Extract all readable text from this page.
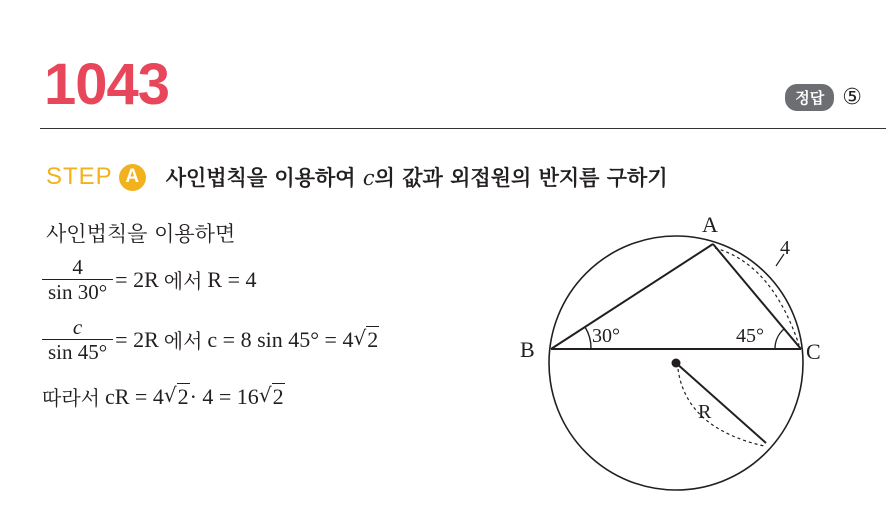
1043	정답 ⑤
STEP A	사인법칙을 이용하여 c의 값과 외접원의 반지름 구하기
사인법칙을 이용하면
$\frac{4}{\sin 30^\circ} = 2R$ 에서 R = 4
$\frac{c}{\sin 45^\circ} = 2R$ 에서 c = 8 sin 45° = 4 √ 2
따라서 cR = 4 √ 2 · 4 = 16 √ 2
A
B	C
30°	45°
4
R
